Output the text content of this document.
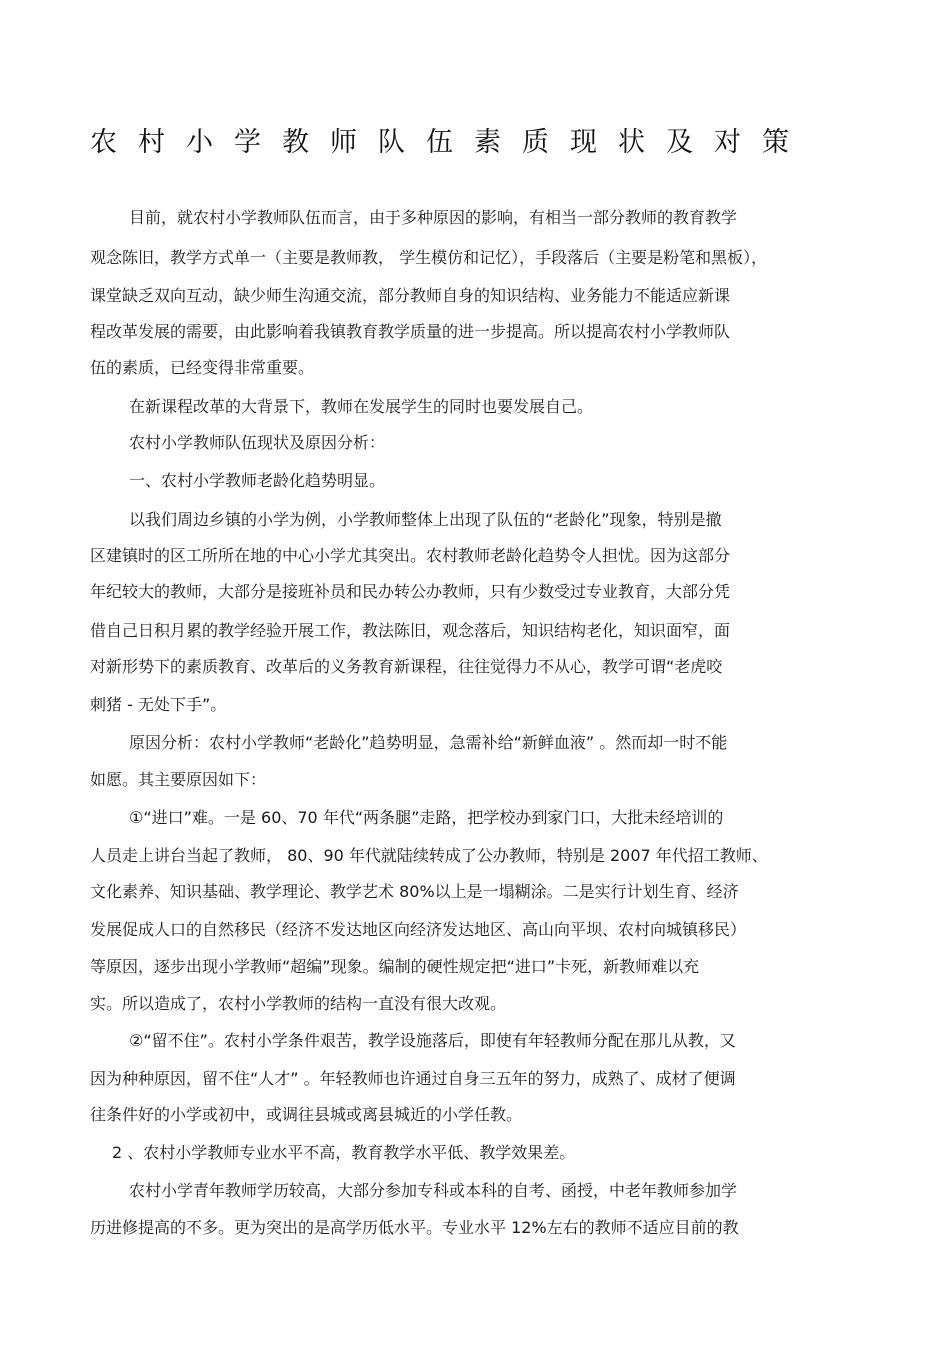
农村小学教师队伍素质现状及对策
目前，就农村小学教师队伍而言，由于多种原因的影响，有相当一部分教师的教育教学
观念陈旧，教学方式单一（主要是教师教， 学生模仿和记忆），手段落后（主要是粉笔和黑板），
课堂缺乏双向互动，缺少师生沟通交流，部分教师自身的知识结构、业务能力不能适应新课
程改革发展的需要，由此影响着我镇教育教学质量的进一步提高。所以提高农村小学教师队
伍的素质，已经变得非常重要。
在新课程改革的大背景下，教师在发展学生的同时也要发展自己。
农村小学教师队伍现状及原因分析：
一、农村小学教师老龄化趋势明显。
以我们周边乡镇的小学为例，小学教师整体上出现了队伍的“老龄化”现象，特别是撤
区建镇时的区工所所在地的中心小学尤其突出。农村教师老龄化趋势令人担忧。因为这部分
年纪较大的教师，大部分是接班补员和民办转公办教师，只有少数受过专业教育，大部分凭
借自己日积月累的教学经验开展工作，教法陈旧，观念落后，知识结构老化，知识面窄，面
对新形势下的素质教育、改革后的义务教育新课程，往往觉得力不从心，教学可谓“老虎咬
刺猪 - 无处下手”。
原因分析：农村小学教师“老龄化”趋势明显，急需补给“新鲜血液” 。然而却一时不能
如愿。其主要原因如下：
①“进口”难。一是 60、70 年代“两条腿”走路，把学校办到家门口，大批未经培训的
人员走上讲台当起了教师， 80、90 年代就陆续转成了公办教师，特别是 2007 年代招工教师、
文化素养、知识基础、教学理论、教学艺术 80%以上是一塌糊涂。二是实行计划生育、经济
发展促成人口的自然移民（经济不发达地区向经济发达地区、高山向平坝、农村向城镇移民）
等原因，逐步出现小学教师“超编”现象。编制的硬性规定把“进口”卡死，新教师难以充
实。所以造成了，农村小学教师的结构一直没有很大改观。
②“留不住”。农村小学条件艰苦，教学设施落后，即使有年轻教师分配在那儿从教，又
因为种种原因，留不住“人才” 。年轻教师也许通过自身三五年的努力，成熟了、成材了便调
往条件好的小学或初中，或调往县城或离县城近的小学任教。
2 、农村小学教师专业水平不高，教育教学水平低、教学效果差。
农村小学青年教师学历较高，大部分参加专科或本科的自考、函授，中老年教师参加学
历进修提高的不多。更为突出的是高学历低水平。专业水平 12%左右的教师不适应目前的教
